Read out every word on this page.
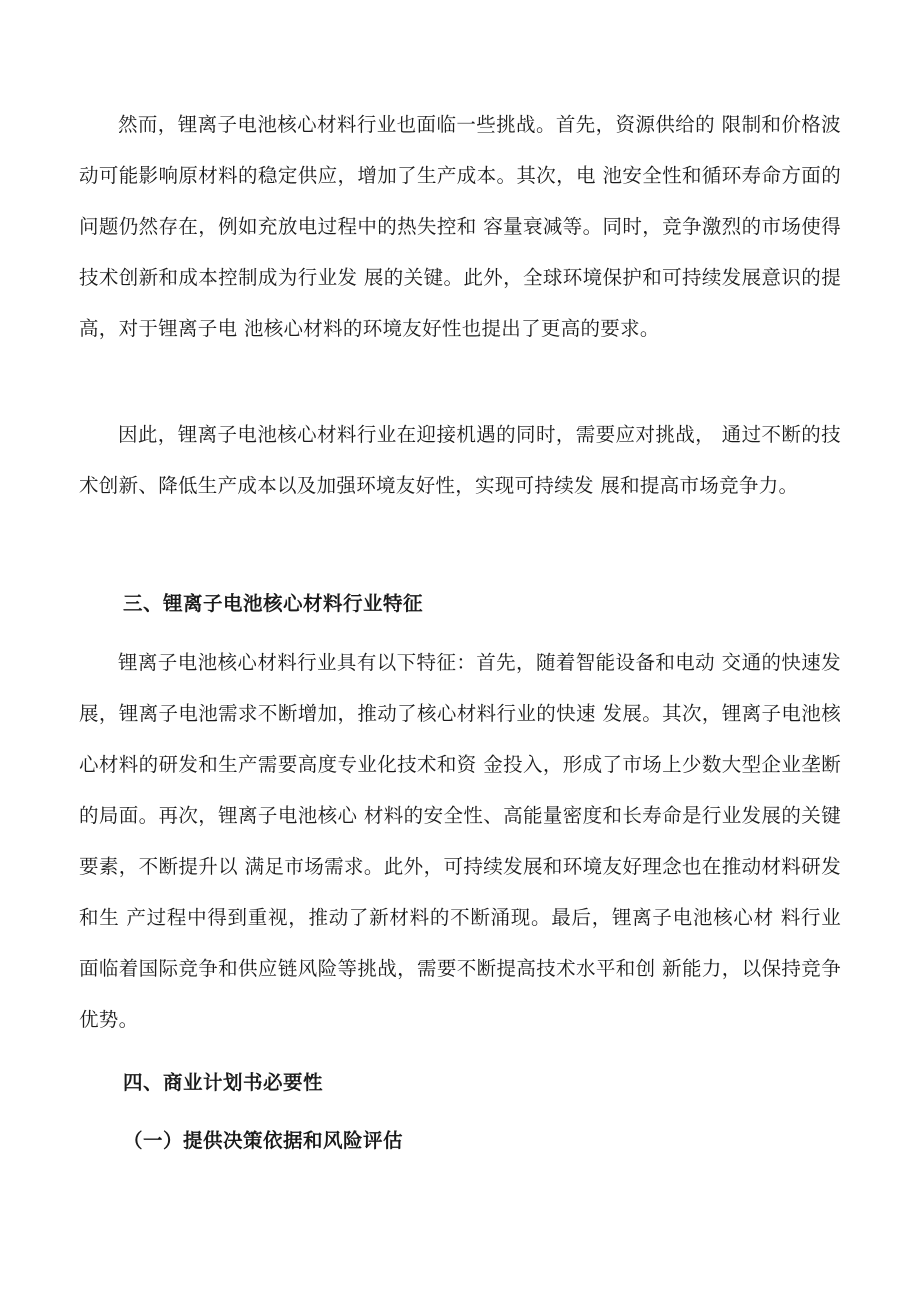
然而，锂离子电池核心材料行业也面临一些挑战。首先，资源供给的 限制和价格波动可能影响原材料的稳定供应，增加了生产成本。其次，电 池安全性和循环寿命方面的问题仍然存在，例如充放电过程中的热失控和 容量衰减等。同时，竞争激烈的市场使得技术创新和成本控制成为行业发 展的关键。此外，全球环境保护和可持续发展意识的提高，对于锂离子电 池核心材料的环境友好性也提出了更高的要求。

因此，锂离子电池核心材料行业在迎接机遇的同时，需要应对挑战， 通过不断的技术创新、降低生产成本以及加强环境友好性，实现可持续发 展和提高市场竞争力。

三、锂离子电池核心材料行业特征

锂离子电池核心材料行业具有以下特征：首先，随着智能设备和电动 交通的快速发展，锂离子电池需求不断增加，推动了核心材料行业的快速 发展。其次，锂离子电池核心材料的研发和生产需要高度专业化技术和资 金投入，形成了市场上少数大型企业垄断的局面。再次，锂离子电池核心 材料的安全性、高能量密度和长寿命是行业发展的关键要素，不断提升以 满足市场需求。此外，可持续发展和环境友好理念也在推动材料研发和生 产过程中得到重视，推动了新材料的不断涌现。最后，锂离子电池核心材 料行业面临着国际竞争和供应链风险等挑战，需要不断提高技术水平和创 新能力，以保持竞争优势。

四、商业计划书必要性
（一）提供决策依据和风险评估
